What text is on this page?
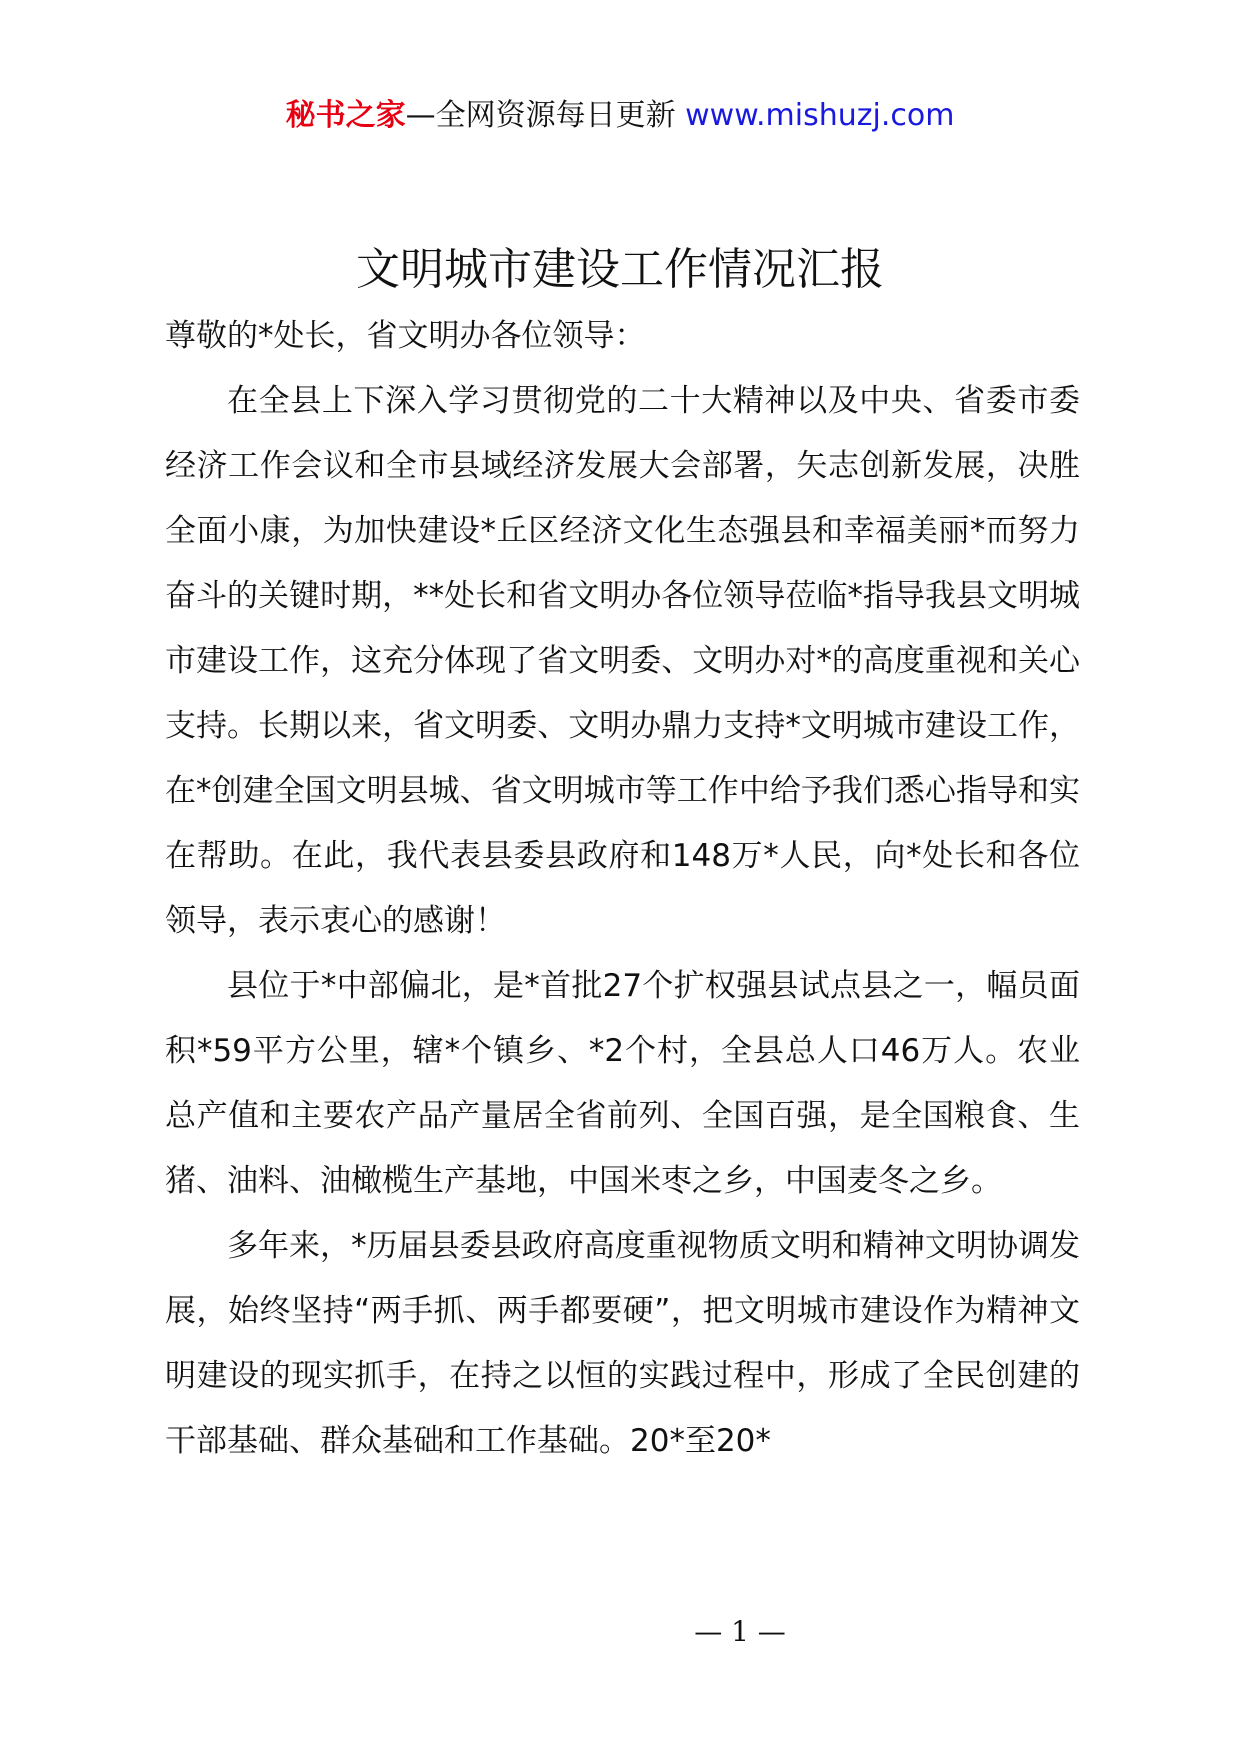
秘书之家—全网资源每日更新 www.mishuzj.com
文明城市建设工作情况汇报

尊敬的*处长，省文明办各位领导：

在全县上下深入学习贯彻党的二十大精神以及中央、省委市委经济工作会议和全市县域经济发展大会部署，矢志创新发展，决胜全面小康，为加快建设*丘区经济文化生态强县和幸福美丽*而努力奋斗的关键时期，**处长和省文明办各位领导莅临*指导我县文明城市建设工作，这充分体现了省文明委、文明办对*的高度重视和关心支持。长期以来，省文明委、文明办鼎力支持*文明城市建设工作，在*创建全国文明县城、省文明城市等工作中给予我们悉心指导和实在帮助。在此，我代表县委县政府和148万*人民，向*处长和各位领导，表示衷心的感谢！

县位于*中部偏北，是*首批27个扩权强县试点县之一，幅员面积*59平方公里，辖*个镇乡、*2个村，全县总人口46万人。农业总产值和主要农产品产量居全省前列、全国百强，是全国粮食、生猪、油料、油橄榄生产基地，中国米枣之乡，中国麦冬之乡。

多年来，*历届县委县政府高度重视物质文明和精神文明协调发展，始终坚持“两手抓、两手都要硬”，把文明城市建设作为精神文明建设的现实抓手，在持之以恒的实践过程中，形成了全民创建的干部基础、群众基础和工作基础。20*至20*

— 1 —
